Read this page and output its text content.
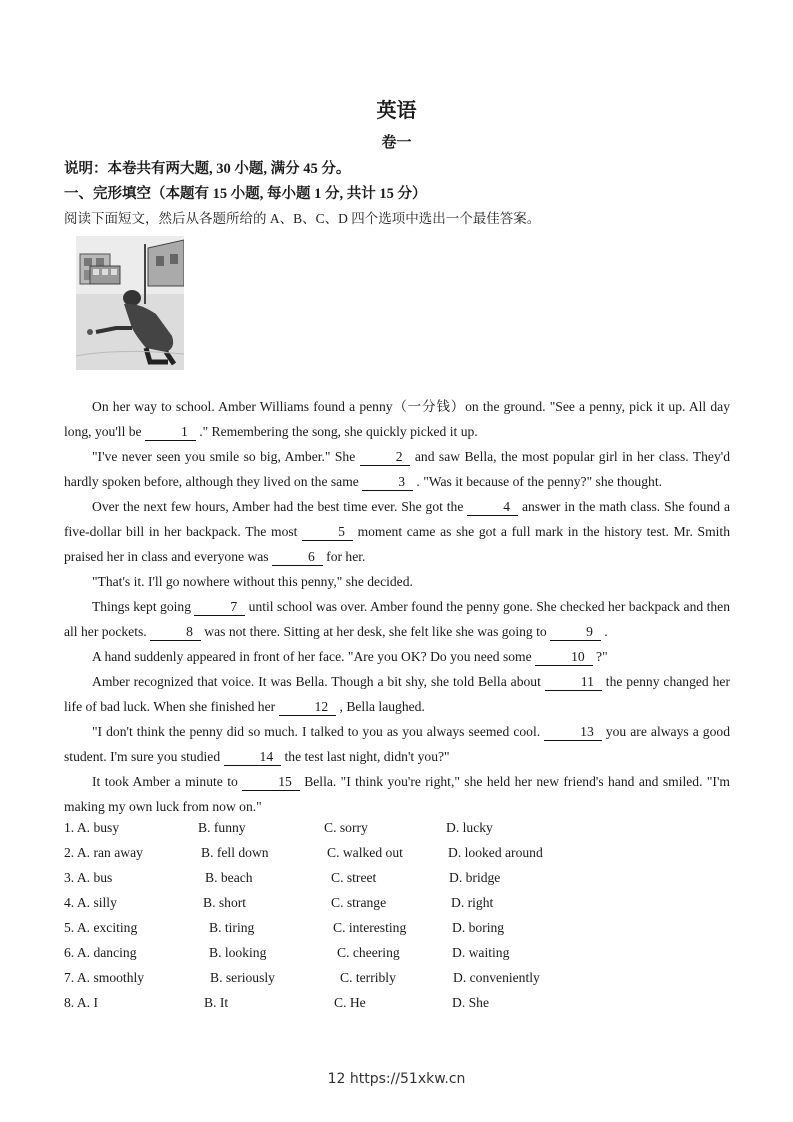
英语
卷一
说明：本卷共有两大题, 30 小题, 满分 45 分。
一、完形填空（本题有 15 小题, 每小题 1 分, 共计 15 分）
阅读下面短文，然后从各题所给的 A、B、C、D 四个选项中选出一个最佳答案。

On her way to school. Amber Williams found a penny（一分钱）on the ground. "See a penny, pick it up. All day long, you'll be	1 ." Remembering the song, she quickly picked it up.

"I've never seen you smile so big, Amber." She	2 and saw Bella, the most popular girl in her class. They'd hardly spoken before, although they lived on the same	3 . "Was it because of the penny?" she thought.

Over the next few hours, Amber had the best time ever. She got the	4 answer in the math class. She found a five-dollar bill in her backpack. The most	5 moment came as she got a full mark in the history test. Mr. Smith praised her in class and everyone was	6 for her.

"That's it. I'll go nowhere without this penny," she decided.

Things kept going	7 until school was over. Amber found the penny gone. She checked her backpack and then all her pockets.	8 was not there. Sitting at her desk, she felt like she was going to	9 .

A hand suddenly appeared in front of her face. "Are you OK? Do you need some	10 ?"

Amber recognized that voice. It was Bella. Though a bit shy, she told Bella about	11 the penny changed her life of bad luck. When she finished her	12 , Bella laughed.

"I don't think the penny did so much. I talked to you as you always seemed cool.	13 you are always a good student. I'm sure you studied	14 the test last night, didn't you?"

It took Amber a minute to	15 Bella. "I think you're right," she held her new friend's hand and smiled. "I'm making my own luck from now on."

1. A. busy	B. funny	C. sorry	D. lucky
2. A. ran away	B. fell down	C. walked out	D. looked around
3. A. bus	B. beach	C. street	D. bridge
4. A. silly	B. short	C. strange	D. right
5. A. exciting	B. tiring	C. interesting	D. boring
6. A. dancing	B. looking	C. cheering	D. waiting
7. A. smoothly	B. seriously	C. terribly	D. conveniently
8. A. I	B. It	C. He	D. She
12 https://51xkw.cn
